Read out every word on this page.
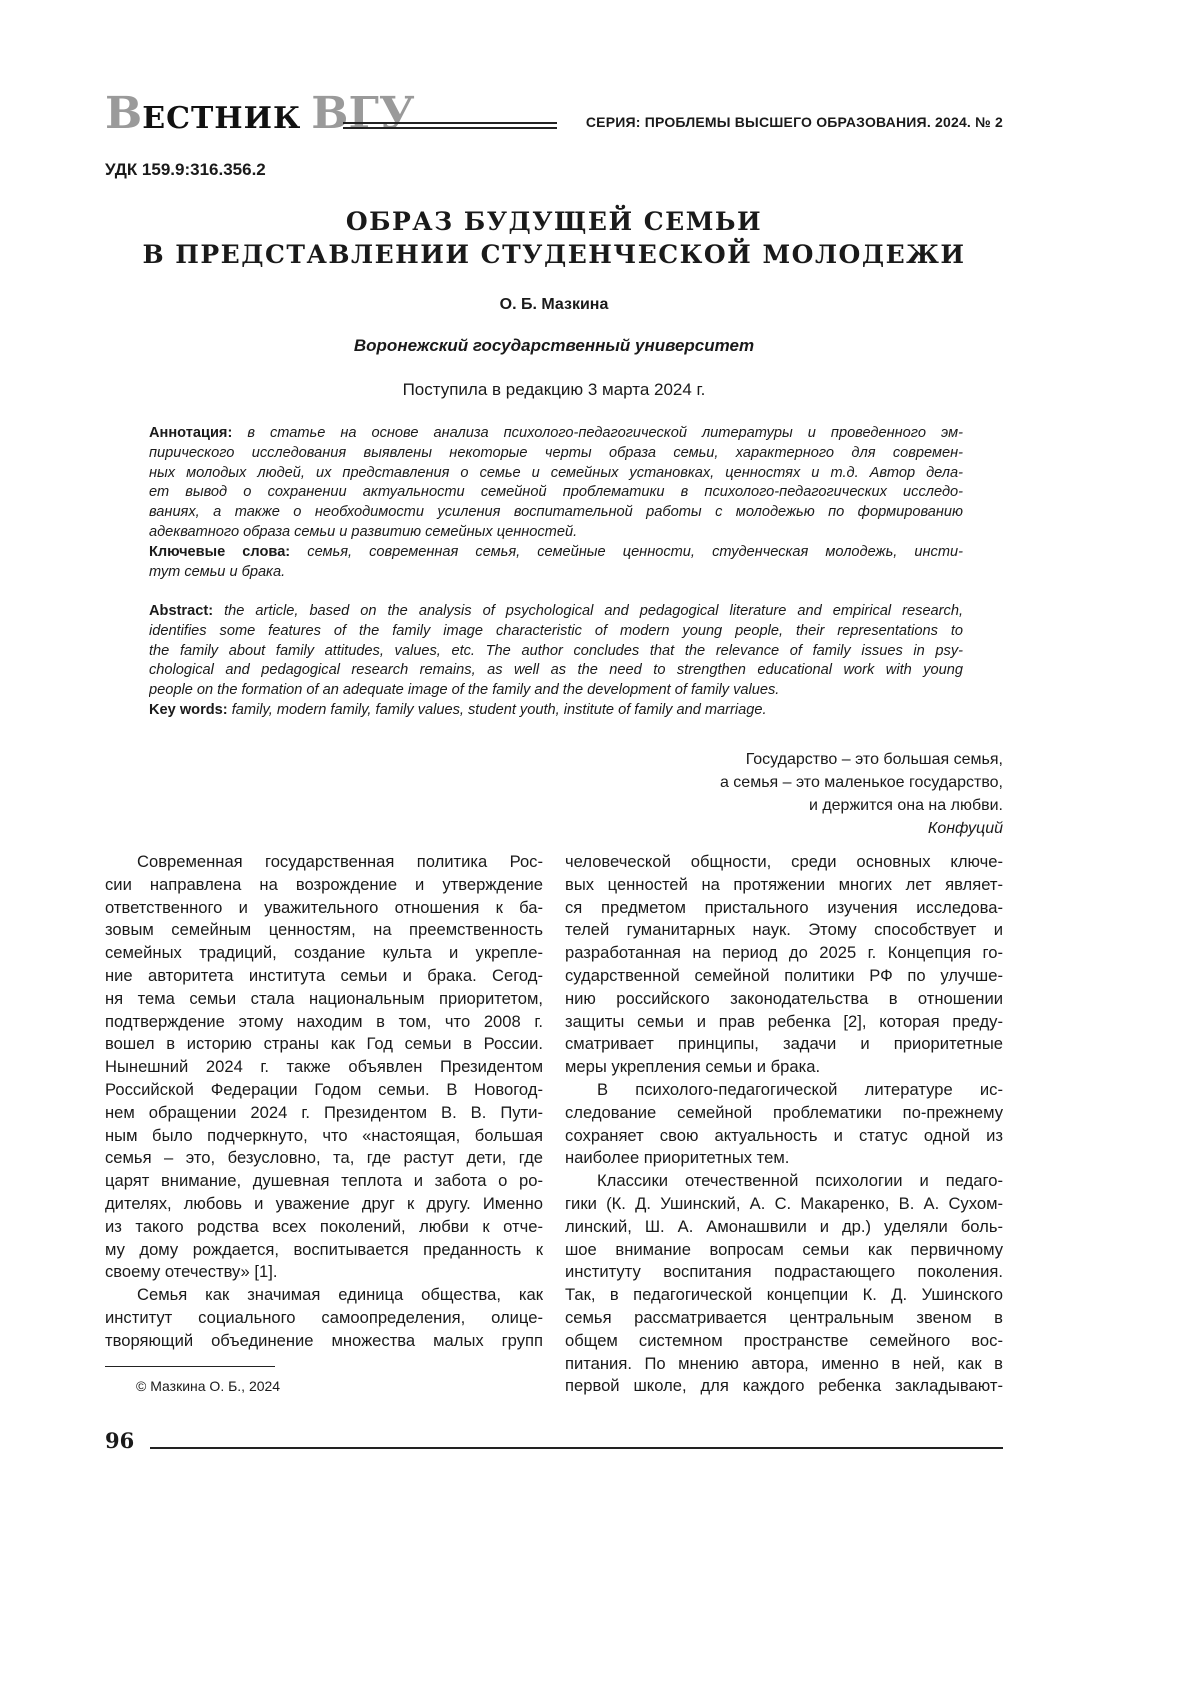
ВЕСТНИК ВГУ	СЕРИЯ: ПРОБЛЕМЫ ВЫСШЕГО ОБРАЗОВАНИЯ. 2024. № 2
УДК 159.9:316.356.2
ОБРАЗ БУДУЩЕЙ СЕМЬИ
В ПРЕДСТАВЛЕНИИ СТУДЕНЧЕСКОЙ МОЛОДЕЖИ
О. Б. Мазкина
Воронежский государственный университет
Поступила в редакцию 3 марта 2024 г.
Аннотация: в статье на основе анализа психолого-педагогической литературы и проведенного эм-
пирического исследования выявлены некоторые черты образа семьи, характерного для современ-
ных молодых людей, их представления о семье и семейных установках, ценностях и т.д. Автор дела-
ет вывод о сохранении актуальности семейной проблематики в психолого-педагогических исследо-
ваниях, а также о необходимости усиления воспитательной работы с молодежью по формированию
адекватного образа семьи и развитию семейных ценностей.
Ключевые слова: семья, современная семья, семейные ценности, студенческая молодежь, инсти-
тут семьи и брака.
Abstract: the article, based on the analysis of psychological and pedagogical literature and empirical research,
identifies some features of the family image characteristic of modern young people, their representations to
the family about family attitudes, values, etc. The author concludes that the relevance of family issues in psy-
chological and pedagogical research remains, as well as the need to strengthen educational work with young
people on the formation of an adequate image of the family and the development of family values.
Key words: family, modern family, family values, student youth, institute of family and marriage.
Государство – это большая семья,
а семья – это маленькое государство,
и держится она на любви.
Конфуций
Современная государственная политика Рос-
сии направлена на возрождение и утверждение
ответственного и уважительного отношения к ба-
зовым семейным ценностям, на преемственность
семейных традиций, создание культа и укрепле-
ние авторитета института семьи и брака. Сегод-
ня тема семьи стала национальным приоритетом,
подтверждение этому находим в том, что 2008 г.
вошел в историю страны как Год семьи в России.
Нынешний 2024 г. также объявлен Президентом
Российской Федерации Годом семьи. В Новогод-
нем обращении 2024 г. Президентом В. В. Пути-
ным было подчеркнуто, что «настоящая, большая
семья – это, безусловно, та, где растут дети, где
царят внимание, душевная теплота и забота о ро-
дителях, любовь и уважение друг к другу. Именно
из такого родства всех поколений, любви к отче-
му дому рождается, воспитывается преданность к
своему отечеству» [1].
Семья как значимая единица общества, как
институт социального самоопределения, олице-
творяющий объединение множества малых групп
человеческой общности, среди основных ключе-
вых ценностей на протяжении многих лет являет-
ся предметом пристального изучения исследова-
телей гуманитарных наук. Этому способствует и
разработанная на период до 2025 г. Концепция го-
сударственной семейной политики РФ по улучше-
нию российского законодательства в отношении
защиты семьи и прав ребенка [2], которая преду-
сматривает принципы, задачи и приоритетные
меры укрепления семьи и брака.
В психолого-педагогической литературе ис-
следование семейной проблематики по-прежнему
сохраняет свою актуальность и статус одной из
наиболее приоритетных тем.
Классики отечественной психологии и педаго-
гики (К. Д. Ушинский, А. С. Макаренко, В. А. Сухом-
линский, Ш. А. Амонашвили и др.) уделяли боль-
шое внимание вопросам семьи как первичному
институту воспитания подрастающего поколения.
Так, в педагогической концепции К. Д. Ушинского
семья рассматривается центральным звеном в
общем системном пространстве семейного вос-
питания. По мнению автора, именно в ней, как в
первой школе, для каждого ребенка закладывают-
© Мазкина О. Б., 2024
96
